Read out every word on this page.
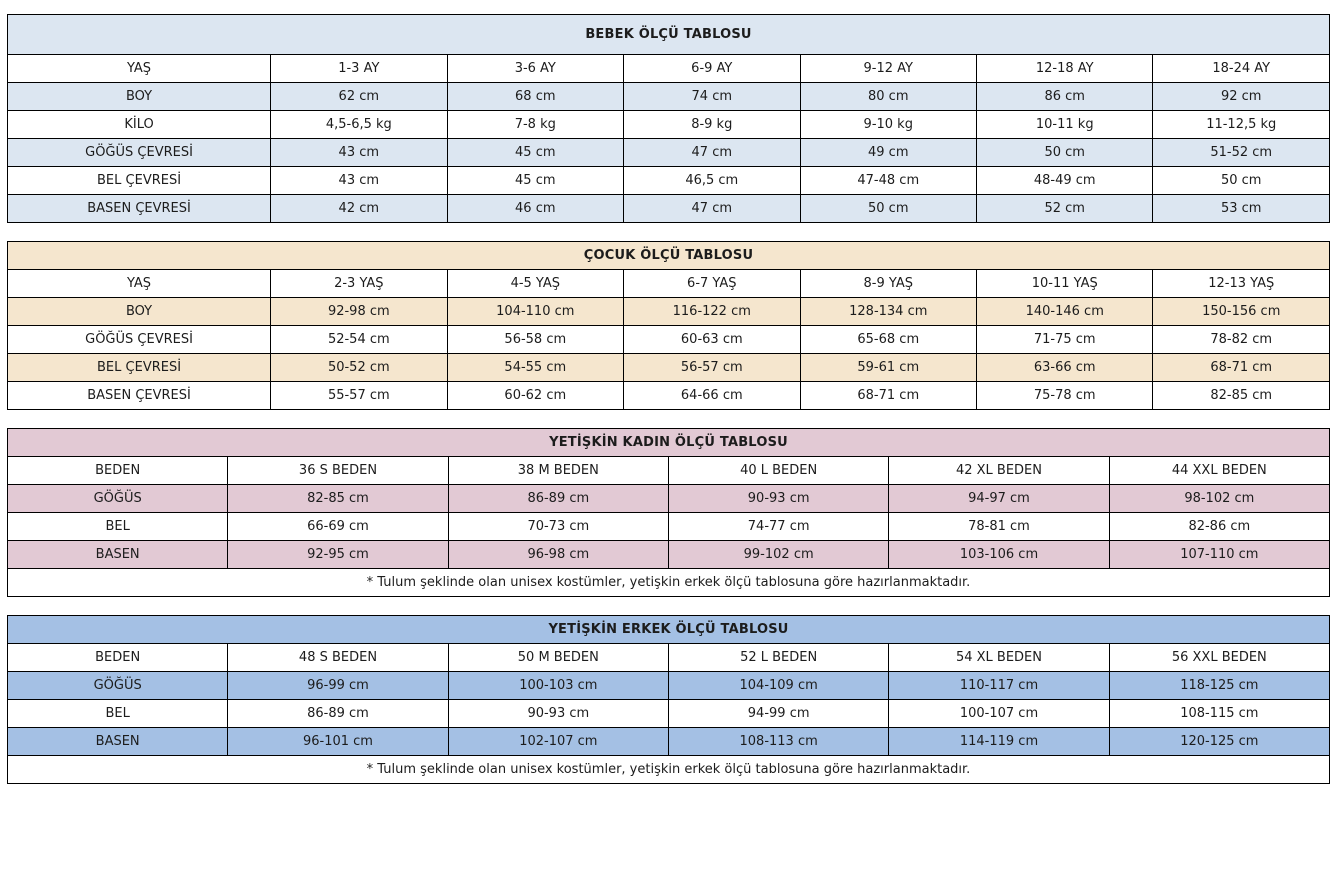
BEBEK ÖLÇÜ TABLOSU						
YAŞ	1-3 AY	3-6 AY	6-9 AY	9-12 AY	12-18 AY	18-24 AY
BOY	62 cm	68 cm	74 cm	80 cm	86 cm	92 cm
KİLO	4,5-6,5 kg	7-8 kg	8-9 kg	9-10 kg	10-11 kg	11-12,5 kg
GÖĞÜS ÇEVRESİ	43 cm	45 cm	47 cm	49 cm	50 cm	51-52 cm
BEL ÇEVRESİ	43 cm	45 cm	46,5 cm	47-48 cm	48-49 cm	50 cm
BASEN ÇEVRESİ	42 cm	46 cm	47 cm	50 cm	52 cm	53 cm
ÇOCUK ÖLÇÜ TABLOSU						
YAŞ	2-3 YAŞ	4-5 YAŞ	6-7 YAŞ	8-9 YAŞ	10-11 YAŞ	12-13 YAŞ
BOY	92-98 cm	104-110 cm	116-122 cm	128-134 cm	140-146 cm	150-156 cm
GÖĞÜS ÇEVRESİ	52-54 cm	56-58 cm	60-63 cm	65-68 cm	71-75 cm	78-82 cm
BEL ÇEVRESİ	50-52 cm	54-55 cm	56-57 cm	59-61 cm	63-66 cm	68-71 cm
BASEN ÇEVRESİ	55-57 cm	60-62 cm	64-66 cm	68-71 cm	75-78 cm	82-85 cm
YETİŞKİN KADIN ÖLÇÜ TABLOSU					
BEDEN	36 S BEDEN	38 M BEDEN	40 L BEDEN	42 XL BEDEN	44 XXL BEDEN
GÖĞÜS	82-85 cm	86-89 cm	90-93 cm	94-97 cm	98-102 cm
BEL	66-69 cm	70-73 cm	74-77 cm	78-81 cm	82-86 cm
BASEN	92-95 cm	96-98 cm	99-102 cm	103-106 cm	107-110 cm
* Tulum şeklinde olan unisex kostümler, yetişkin erkek ölçü tablosuna göre hazırlanmaktadır.					
YETİŞKİN ERKEK ÖLÇÜ TABLOSU					
BEDEN	48 S BEDEN	50 M BEDEN	52 L BEDEN	54 XL BEDEN	56 XXL BEDEN
GÖĞÜS	96-99 cm	100-103 cm	104-109 cm	110-117 cm	118-125 cm
BEL	86-89 cm	90-93 cm	94-99 cm	100-107 cm	108-115 cm
BASEN	96-101 cm	102-107 cm	108-113 cm	114-119 cm	120-125 cm
* Tulum şeklinde olan unisex kostümler, yetişkin erkek ölçü tablosuna göre hazırlanmaktadır.					
